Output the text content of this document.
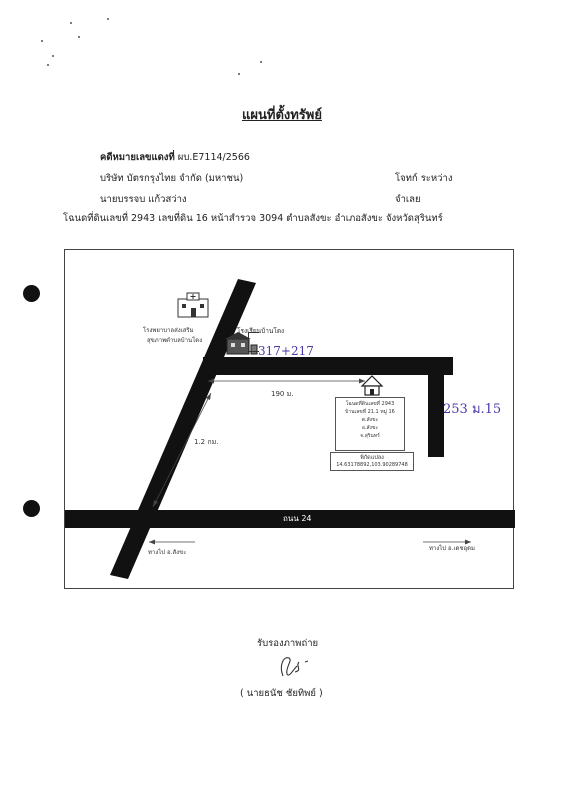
แผนที่ตั้งทรัพย์
คดีหมายเลขแดงที่ ผบ.E7114/2566
บริษัท บัตรกรุงไทย จำกัด (มหาชน)	โจทก์ ระหว่าง
นายบรรจบ แก้วสว่าง	จำเลย
โฉนดที่ดินเลขที่ 2943 เลขที่ดิน 16 หน้าสำรวจ 3094 ตำบลสังขะ อำเภอสังขะ จังหวัดสุรินทร์
โรงพยาบาลส่งเสริม
สุขภาพตำบลบ้านโดง
โรงเรียนบ้านโดง
317+217
190 ม.
1.2 กม.
โฉนดที่ดินเลขที่ 2943
บ้านเลขที่ 21.1 หมู่ 16
ต.สังขะ
อ.สังขะ
จ.สุรินทร์
พิกัดแปลง
14.63178892,103.90289748
253 ม.15
ถนน 24
ทางไป อ.สังขะ
ทางไป อ.เดชอุดม
รับรองภาพถ่าย
( นายธนัช ชัยทิพย์ )
